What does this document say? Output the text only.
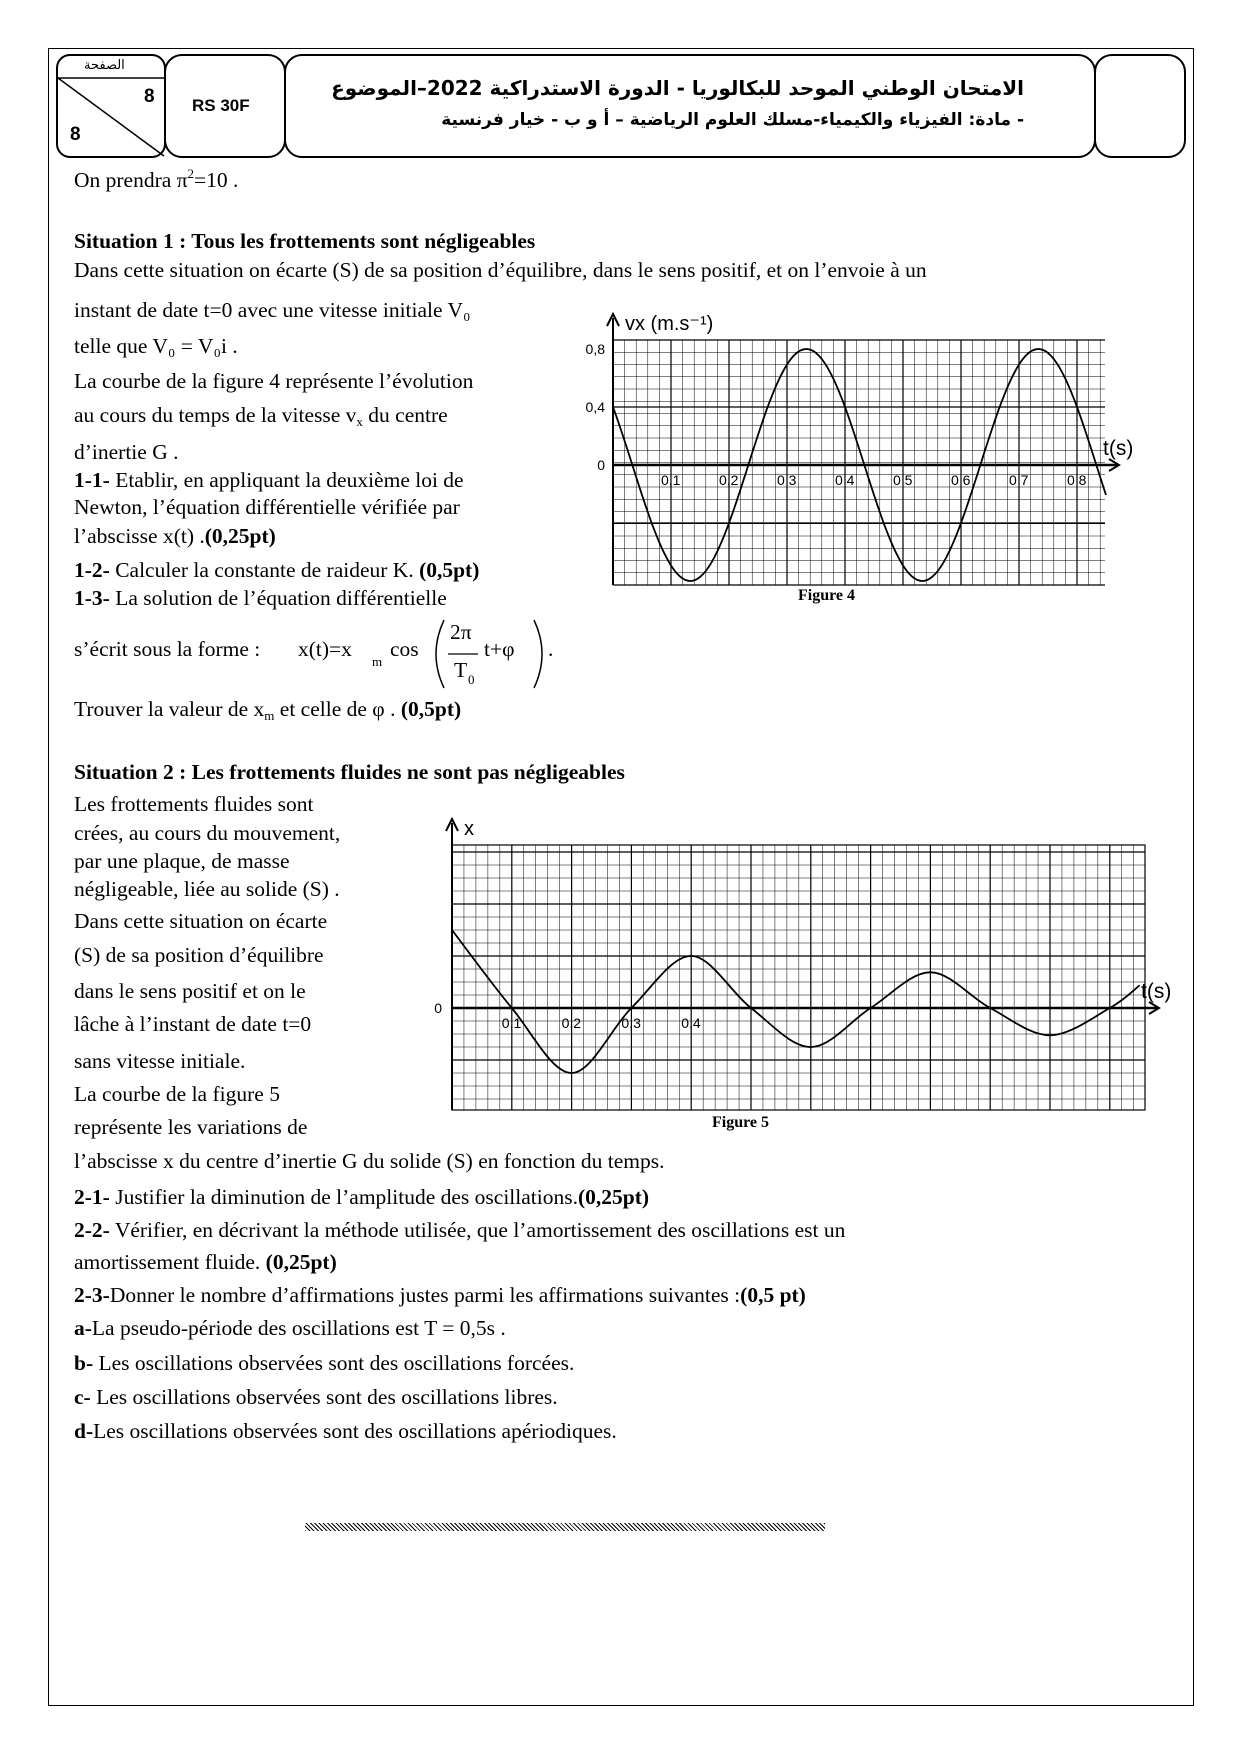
الصفحة
8
8
RS 30F
الامتحان الوطني الموحد للبكالوريا - الدورة الاستدراكية 2022–الموضوع
- مادة: الفيزياء والكيمياء-مسلك العلوم الرياضية – أ و ب - خيار فرنسية
On prendra $\pi^2=10$ .
Situation 1 : Tous les frottements sont négligeables
Dans cette situation on écarte (S) de sa position d’équilibre, dans le sens positif, et on l’envoie à un
instant de date t=0 avec une vitesse initiale V₀
telle que V₀ = V₀i .
La courbe de la figure 4 représente l’évolution
au cours du temps de la vitesse $v_x$ du centre
d’inertie G .
1-1- Etablir, en appliquant la deuxième loi de
Newton, l’équation différentielle vérifiée par
l’abscisse x(t) .(0,25pt)
1-2- Calculer la constante de raideur K. (0,5pt)
1-3- La solution de l’équation différentielle
s’écrit sous la forme : x(t)=x
m
cos
2π
T 0
t+φ .
Trouver la valeur de $x_m$ et celle de φ . (0,5pt)
vx (m.s⁻¹)
t(s)
0,8
0,4
0
0,1	0,2	0 3	0 4	0 5	0 6	0 7	0 8
Figure 4
Situation 2 : Les frottements fluides ne sont pas négligeables
Les frottements fluides sont
crées, au cours du mouvement,
par une plaque, de masse
négligeable, liée au solide (S) .
Dans cette situation on écarte
(S) de sa position d’équilibre
dans le sens positif et on le
lâche à l’instant de date t=0
sans vitesse initiale.
La courbe de la figure 5
représente les variations de
l’abscisse x du centre d’inertie G du solide (S) en fonction du temps.
x
t(s)
0
0,1	0,2	0,3	0,4
Figure 5
2-1- Justifier la diminution de l’amplitude des oscillations.(0,25pt)
2-2- Vérifier, en décrivant la méthode utilisée, que l’amortissement des oscillations est un
amortissement fluide. (0,25pt)
2-3-Donner le nombre d’affirmations justes parmi les affirmations suivantes :(0,5 pt)
a-La pseudo-période des oscillations est T = 0,5s .
b- Les oscillations observées sont des oscillations forcées.
c- Les oscillations observées sont des oscillations libres.
d-Les oscillations observées sont des oscillations apériodiques.
